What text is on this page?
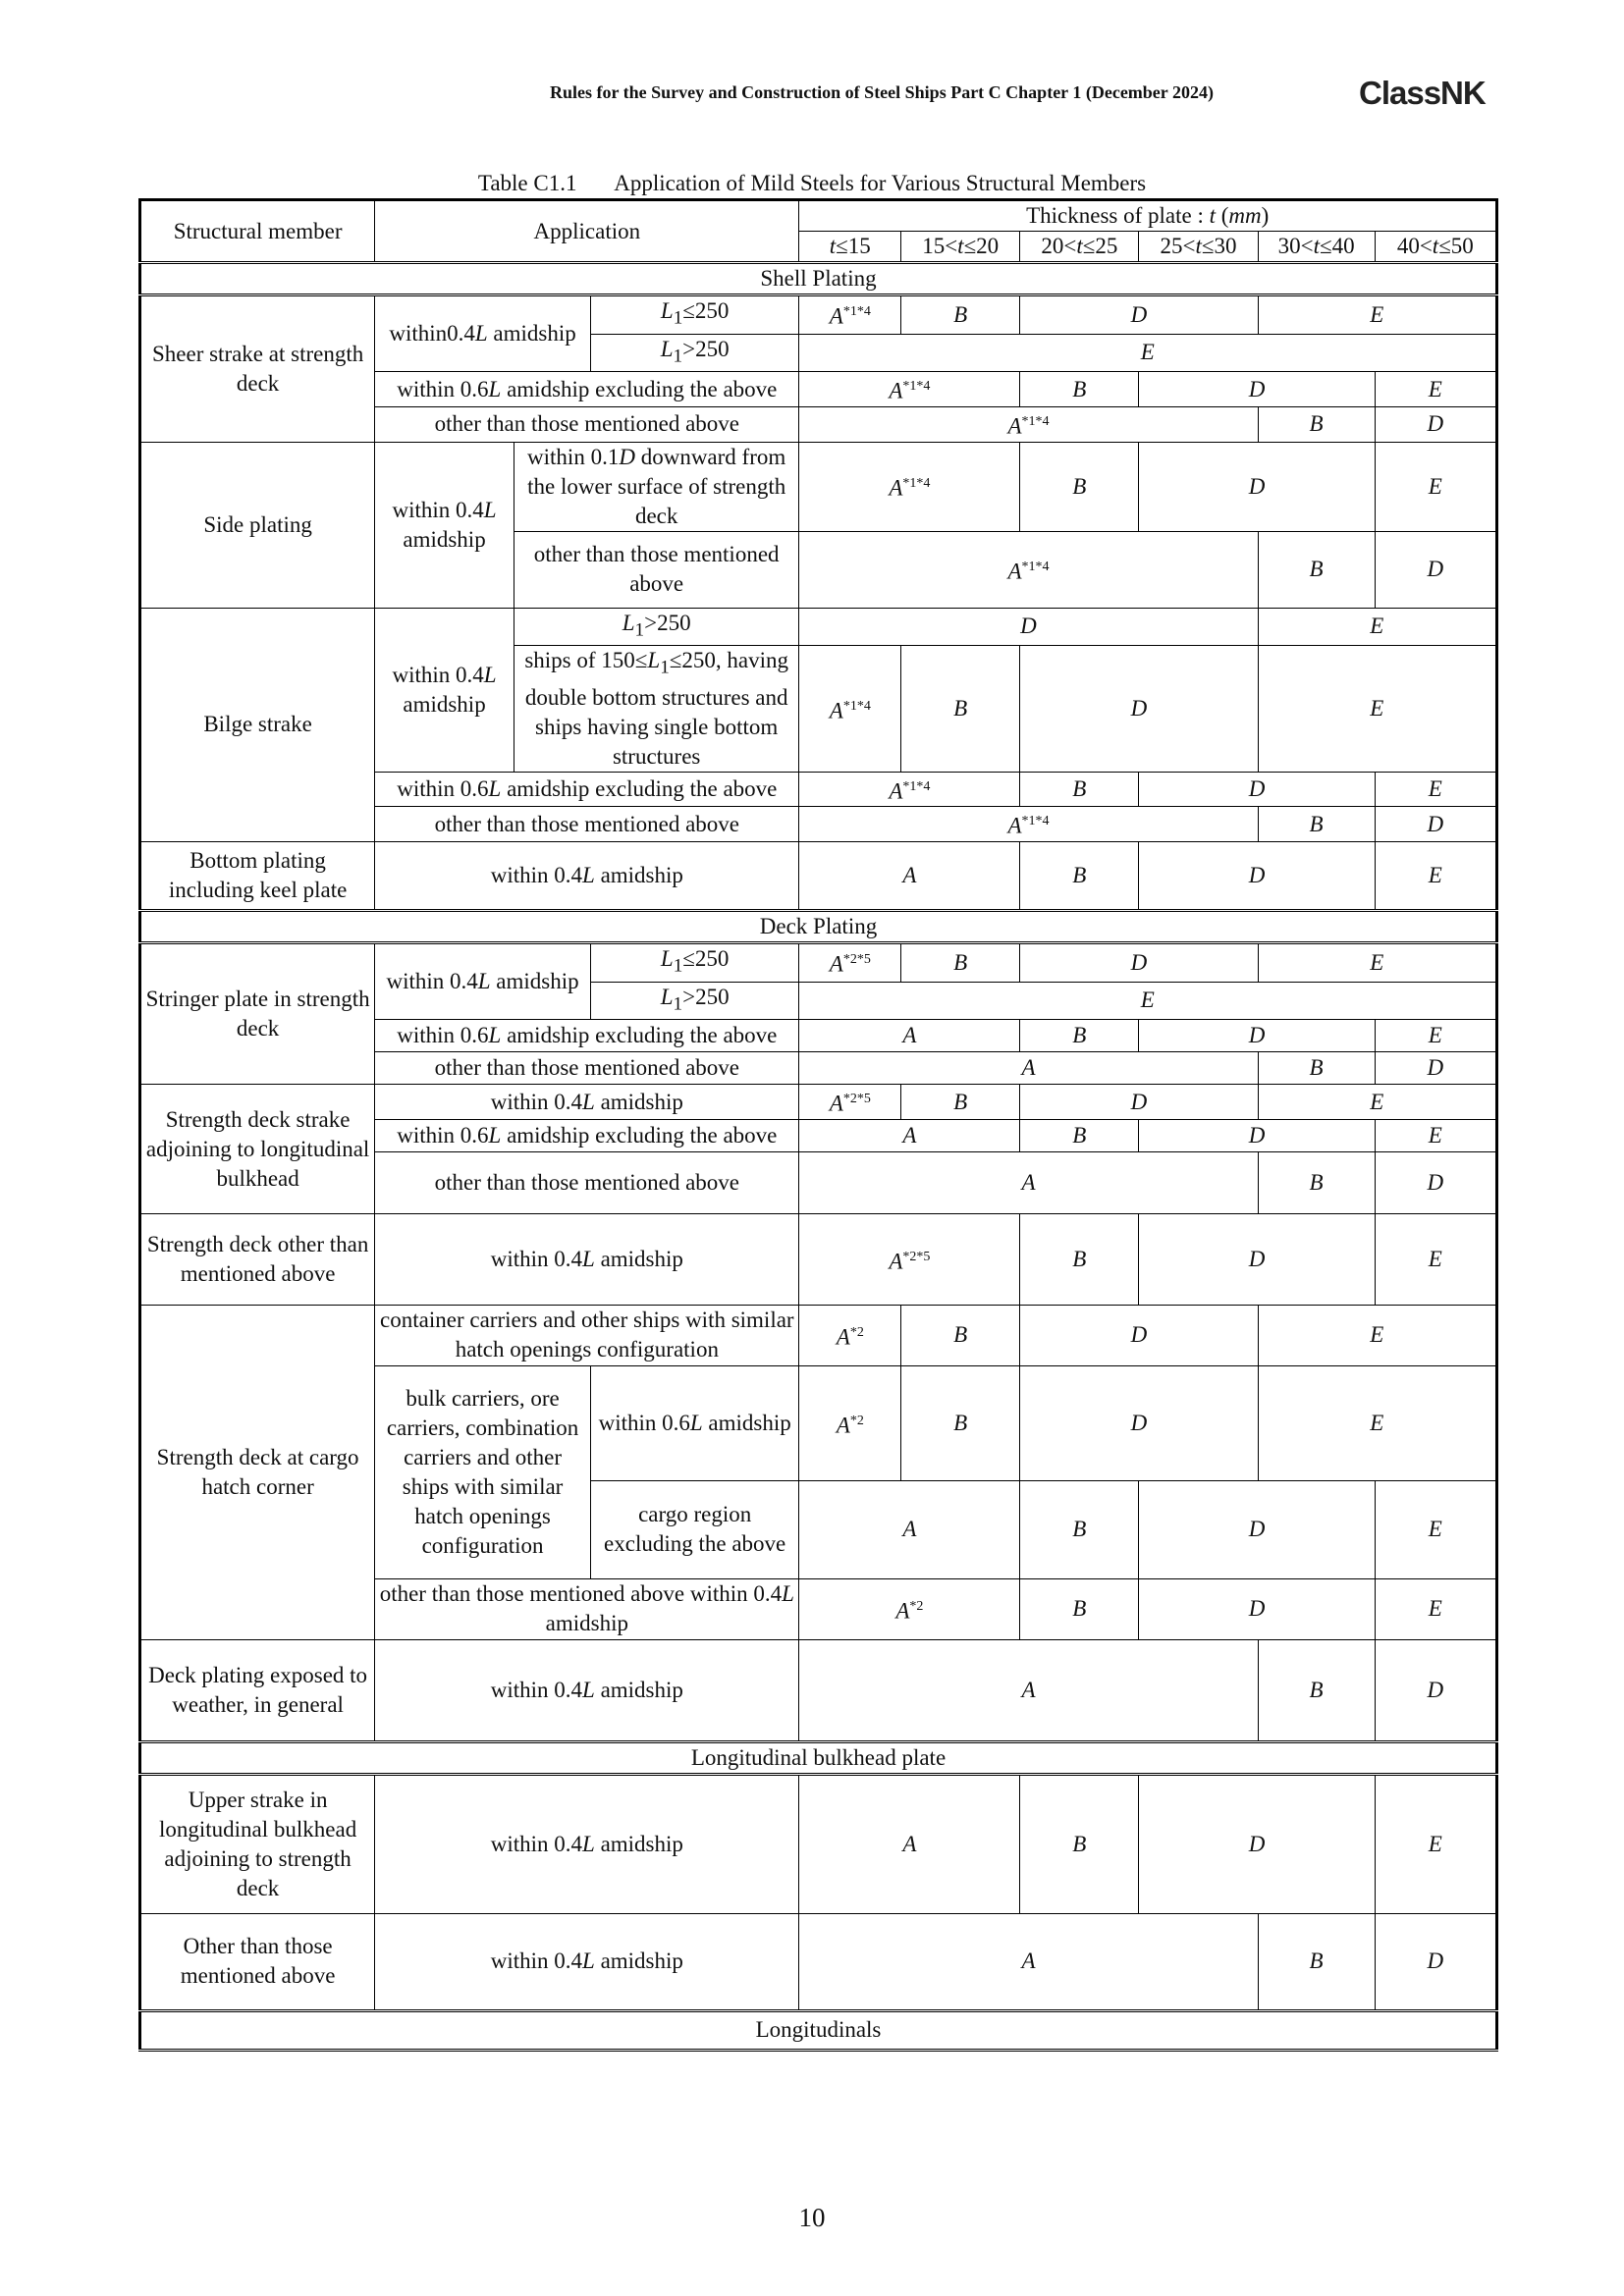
Rules for the Survey and Construction of Steel Ships Part C Chapter 1 (December 2024)	ClassNK
Table C1.1 Application of Mild Steels for Various Structural Members
Structural member	Application			Thickness of plate : t (mm)					
				t≤15	15<t≤20	20<t≤25	25<t≤30	30<t≤40	40<t≤50
Shell Plating									
Sheer strake at strength deck	within0.4L amidship		$L_1\le 250$	$A^{*1*4}$	B	D		E	
			$L_1>250$	E					
	within 0.6L amidship excluding the above			$A^{*1*4}$		B	D		E
	other than those mentioned above			$A^{*1*4}$				B	D
Side plating	within 0.4L amidship	within 0.1D downward from the lower surface of strength deck		$A^{*1*4}$		B	D		E
		other than those mentioned above		$A^{*1*4}$				B	D
Bilge strake	within 0.4L amidship	$L_1>250$		D				E	
		ships of $150\le L_1\le 250$, having double bottom structures and ships having single bottom structures		$A^{*1*4}$	B	D		E	
	within 0.6L amidship excluding the above			$A^{*1*4}$		B	D		E
	other than those mentioned above			$A^{*1*4}$				B	D
Bottom plating including keel plate	within 0.4L amidship			A		B	D		E
Deck Plating									
Stringer plate in strength deck	within 0.4L amidship		$L_1\le 250$	$A^{*2*5}$	B	D		E	
			$L_1>250$	E					
	within 0.6L amidship excluding the above			A		B	D		E
	other than those mentioned above			A				B	D
Strength deck strake adjoining to longitudinal bulkhead	within 0.4L amidship			$A^{*2*5}$	B	D		E	
	within 0.6L amidship excluding the above			A		B	D		E
	other than those mentioned above			A				B	D
Strength deck other than mentioned above	within 0.4L amidship			$A^{*2*5}$		B	D		E
Strength deck at cargo hatch corner	container carriers and other ships with similar hatch openings configuration			$A^{*2}$	B	D		E	
	bulk carriers, ore carriers, combination carriers and other ships with similar hatch openings configuration		within 0.6L amidship	$A^{*2}$	B	D		E	
			cargo region excluding the above	A		B	D		E
	other than those mentioned above within 0.4L amidship			$A^{*2}$		B	D		E
Deck plating exposed to weather, in general	within 0.4L amidship			A				B	D
Longitudinal bulkhead plate									
Upper strake in longitudinal bulkhead adjoining to strength deck	within 0.4L amidship			A		B	D		E
Other than those mentioned above	within 0.4L amidship			A				B	D
Longitudinals									
10
